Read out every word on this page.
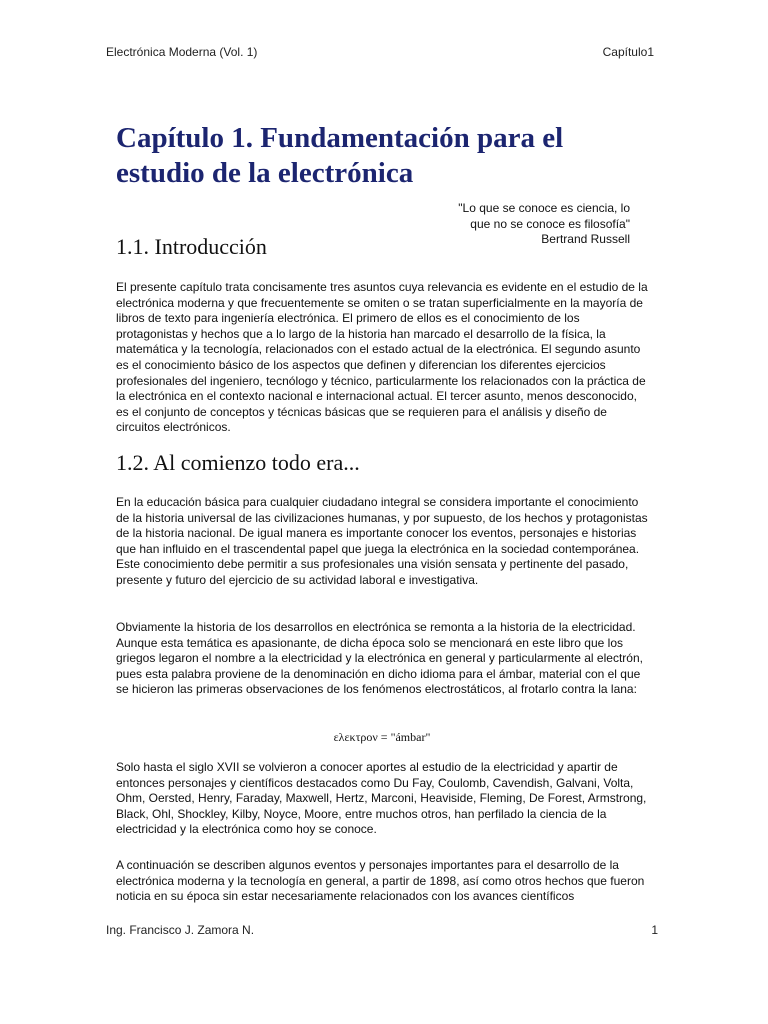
Electrónica Moderna (Vol. 1)	Capítulo1
Capítulo 1. Fundamentación para el estudio de la electrónica
"Lo que se conoce es ciencia, lo
que no se conoce es filosofía"
Bertrand Russell
1.1. Introducción

El presente capítulo trata concisamente tres asuntos cuya relevancia es evidente en el estudio de la electrónica moderna y que frecuentemente se omiten o se tratan superficialmente en la mayoría de libros de texto para ingeniería electrónica. El primero de ellos es el conocimiento de los protagonistas y hechos que a lo largo de la historia han marcado el desarrollo de la física, la matemática y la tecnología, relacionados con el estado actual de la electrónica. El segundo asunto es el conocimiento básico de los aspectos que definen y diferencian los diferentes ejercicios profesionales del ingeniero, tecnólogo y técnico, particularmente los relacionados con la práctica de la electrónica en el contexto nacional e internacional actual. El tercer asunto, menos desconocido, es el conjunto de conceptos y técnicas básicas que se requieren para el análisis y diseño de circuitos electrónicos.

1.2. Al comienzo todo era...

En la educación básica para cualquier ciudadano integral se considera importante el conocimiento de la historia universal de las civilizaciones humanas, y por supuesto, de los hechos y protagonistas de la historia nacional. De igual manera es importante conocer los eventos, personajes e historias que han influido en el trascendental papel que juega la electrónica en la sociedad contemporánea. Este conocimiento debe permitir a sus profesionales una visión sensata y pertinente del pasado, presente y futuro del ejercicio de su actividad laboral e investigativa.

Obviamente la historia de los desarrollos en electrónica se remonta a la historia de la electricidad. Aunque esta temática es apasionante, de dicha época solo se mencionará en este libro que los griegos legaron el nombre a la electricidad y la electrónica en general y particularmente al electrón, pues esta palabra proviene de la denominación en dicho idioma para el ámbar, material con el que se hicieron las primeras observaciones de los fenómenos electrostáticos, al frotarlo contra la lana:

ελεκτρον = "ámbar"

Solo hasta el siglo XVII se volvieron a conocer aportes al estudio de la electricidad y apartir de entonces personajes y científicos destacados como Du Fay, Coulomb, Cavendish, Galvani, Volta, Ohm, Oersted, Henry, Faraday, Maxwell, Hertz, Marconi, Heaviside, Fleming, De Forest, Armstrong, Black, Ohl, Shockley, Kilby, Noyce, Moore, entre muchos otros, han perfilado la ciencia de la electricidad y la electrónica como hoy se conoce.

A continuación se describen algunos eventos y personajes importantes para el desarrollo de la electrónica moderna y la tecnología en general, a partir de 1898, así como otros hechos que fueron noticia en su época sin estar necesariamente relacionados con los avances científicos

Ing. Francisco J. Zamora N.	1
